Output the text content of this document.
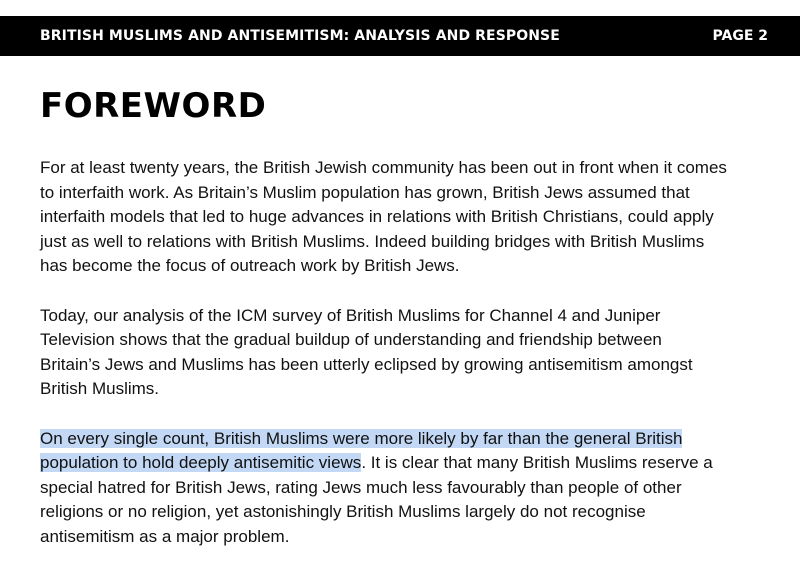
BRITISH MUSLIMS AND ANTISEMITISM: ANALYSIS AND RESPONSE	PAGE 2
FOREWORD

For at least twenty years, the British Jewish community has been out in front when it comes
to interfaith work. As Britain’s Muslim population has grown, British Jews assumed that
interfaith models that led to huge advances in relations with British Christians, could apply
just as well to relations with British Muslims. Indeed building bridges with British Muslims
has become the focus of outreach work by British Jews.

Today, our analysis of the ICM survey of British Muslims for Channel 4 and Juniper
Television shows that the gradual buildup of understanding and friendship between
Britain’s Jews and Muslims has been utterly eclipsed by growing antisemitism amongst
British Muslims.

On every single count, British Muslims were more likely by far than the general British
population to hold deeply antisemitic views. It is clear that many British Muslims reserve a
special hatred for British Jews, rating Jews much less favourably than people of other
religions or no religion, yet astonishingly British Muslims largely do not recognise
antisemitism as a major problem.
